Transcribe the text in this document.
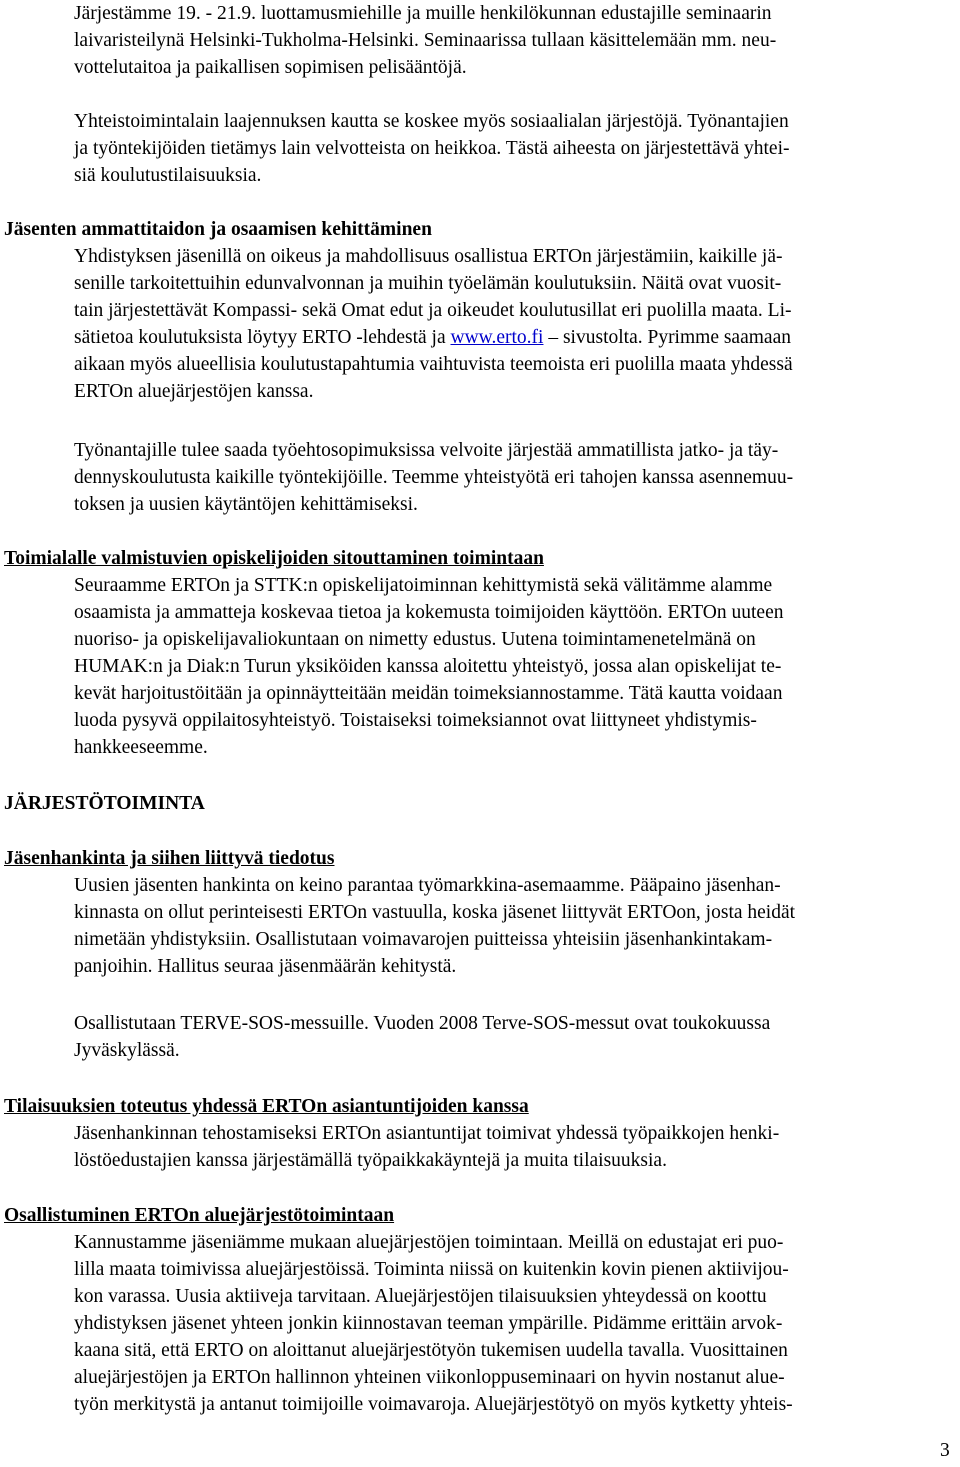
Järjestämme 19. - 21.9. luottamusmiehille ja muille henkilökunnan edustajille seminaarin
laivaristeilynä Helsinki-Tukholma-Helsinki. Seminaarissa tullaan käsittelemään mm. neu-
vottelutaitoa ja paikallisen sopimisen pelisääntöjä.
Yhteistoimintalain laajennuksen kautta se koskee myös sosiaalialan järjestöjä. Työnantajien
ja työntekijöiden tietämys lain velvotteista on heikkoa. Tästä aiheesta on järjestettävä yhtei-
siä koulutustilaisuuksia.
Jäsenten ammattitaidon ja osaamisen kehittäminen
Yhdistyksen jäsenillä on oikeus ja mahdollisuus osallistua ERTOn järjestämiin, kaikille jä-
senille tarkoitettuihin edunvalvonnan ja muihin työelämän koulutuksiin. Näitä ovat vuosit-
tain järjestettävät Kompassi- sekä Omat edut ja oikeudet koulutusillat eri puolilla maata. Li-
sätietoa koulutuksista löytyy ERTO -lehdestä ja www.erto.fi – sivustolta. Pyrimme saamaan
aikaan myös alueellisia koulutustapahtumia vaihtuvista teemoista eri puolilla maata yhdessä
ERTOn aluejärjestöjen kanssa.
Työnantajille tulee saada työehtosopimuksissa velvoite järjestää ammatillista jatko- ja täy-
dennyskoulutusta kaikille työntekijöille. Teemme yhteistyötä eri tahojen kanssa asennemuu-
toksen ja uusien käytäntöjen kehittämiseksi.
Toimialalle valmistuvien opiskelijoiden sitouttaminen toimintaan
Seuraamme ERTOn ja STTK:n opiskelijatoiminnan kehittymistä sekä välitämme alamme
osaamista ja ammatteja koskevaa tietoa ja kokemusta toimijoiden käyttöön. ERTOn uuteen
nuoriso- ja opiskelijavaliokuntaan on nimetty edustus. Uutena toimintamenetelmänä on
HUMAK:n ja Diak:n Turun yksiköiden kanssa aloitettu yhteistyö, jossa alan opiskelijat te-
kevät harjoitustöitään ja opinnäytteitään meidän toimeksiannostamme. Tätä kautta voidaan
luoda pysyvä oppilaitosyhteistyö. Toistaiseksi toimeksiannot ovat liittyneet yhdistymis-
hankkeeseemme.
JÄRJESTÖTOIMINTA
Jäsenhankinta ja siihen liittyvä tiedotus
Uusien jäsenten hankinta on keino parantaa työmarkkina-asemaamme. Pääpaino jäsenhan-
kinnasta on ollut perinteisesti ERTOn vastuulla, koska jäsenet liittyvät ERTOon, josta heidät
nimetään yhdistyksiin. Osallistutaan voimavarojen puitteissa yhteisiin jäsenhankintakam-
panjoihin. Hallitus seuraa jäsenmäärän kehitystä.
Osallistutaan TERVE-SOS-messuille. Vuoden 2008 Terve-SOS-messut ovat toukokuussa
Jyväskylässä.
Tilaisuuksien toteutus yhdessä ERTOn asiantuntijoiden kanssa
Jäsenhankinnan tehostamiseksi ERTOn asiantuntijat toimivat yhdessä työpaikkojen henki-
löstöedustajien kanssa järjestämällä työpaikkakäyntejä ja muita tilaisuuksia.
Osallistuminen ERTOn aluejärjestötoimintaan
Kannustamme jäseniämme mukaan aluejärjestöjen toimintaan. Meillä on edustajat eri puo-
lilla maata toimivissa aluejärjestöissä. Toiminta niissä on kuitenkin kovin pienen aktiivijou-
kon varassa. Uusia aktiiveja tarvitaan. Aluejärjestöjen tilaisuuksien yhteydessä on koottu
yhdistyksen jäsenet yhteen jonkin kiinnostavan teeman ympärille. Pidämme erittäin arvok-
kaana sitä, että ERTO on aloittanut aluejärjestötyön tukemisen uudella tavalla. Vuosittainen
aluejärjestöjen ja ERTOn hallinnon yhteinen viikonloppuseminaari on hyvin nostanut alue-
työn merkitystä ja antanut toimijoille voimavaroja. Aluejärjestötyö on myös kytketty yhteis-
3
